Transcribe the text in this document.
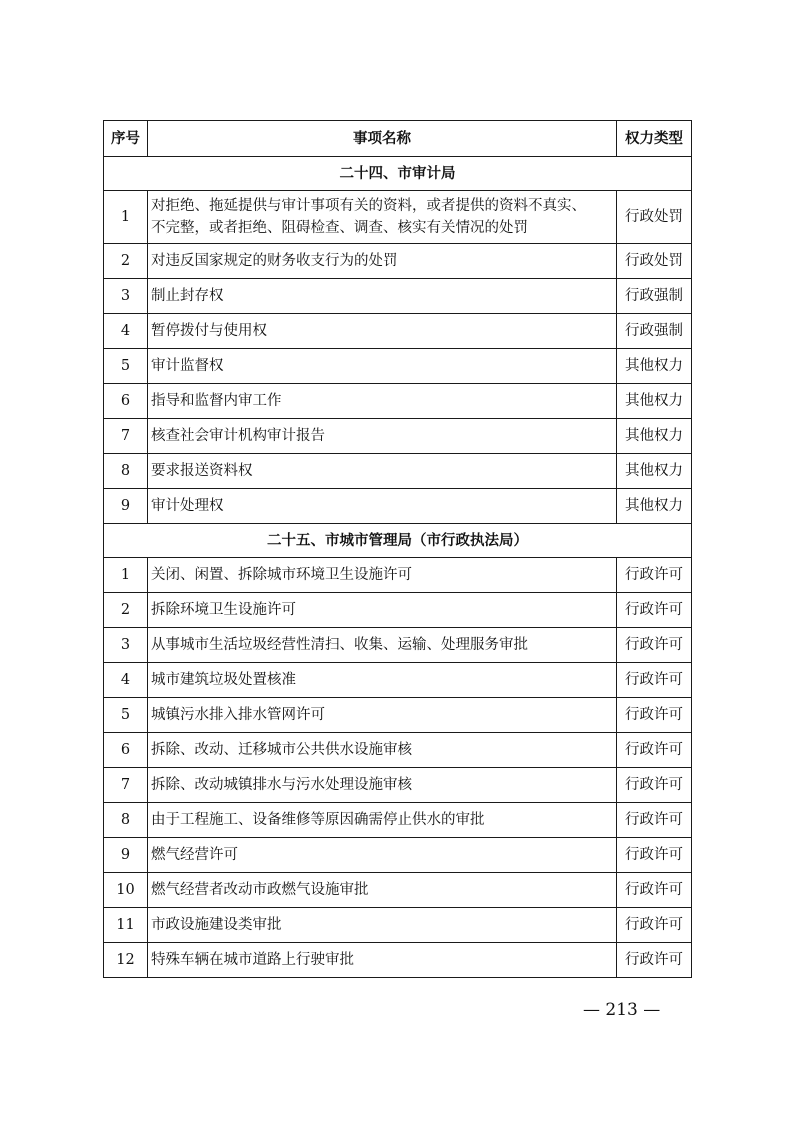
序号	事项名称	权力类型
二十四、市审计局		
1	对拒绝、拖延提供与审计事项有关的资料，或者提供的资料不真实、
不完整，或者拒绝、阻碍检查、调查、核实有关情况的处罚	行政处罚
2	对违反国家规定的财务收支行为的处罚	行政处罚
3	制止封存权	行政强制
4	暂停拨付与使用权	行政强制
5	审计监督权	其他权力
6	指导和监督内审工作	其他权力
7	核查社会审计机构审计报告	其他权力
8	要求报送资料权	其他权力
9	审计处理权	其他权力
二十五、市城市管理局（市行政执法局）		
1	关闭、闲置、拆除城市环境卫生设施许可	行政许可
2	拆除环境卫生设施许可	行政许可
3	从事城市生活垃圾经营性清扫、收集、运输、处理服务审批	行政许可
4	城市建筑垃圾处置核准	行政许可
5	城镇污水排入排水管网许可	行政许可
6	拆除、改动、迁移城市公共供水设施审核	行政许可
7	拆除、改动城镇排水与污水处理设施审核	行政许可
8	由于工程施工、设备维修等原因确需停止供水的审批	行政许可
9	燃气经营许可	行政许可
10	燃气经营者改动市政燃气设施审批	行政许可
11	市政设施建设类审批	行政许可
12	特殊车辆在城市道路上行驶审批	行政许可
— 213 —
